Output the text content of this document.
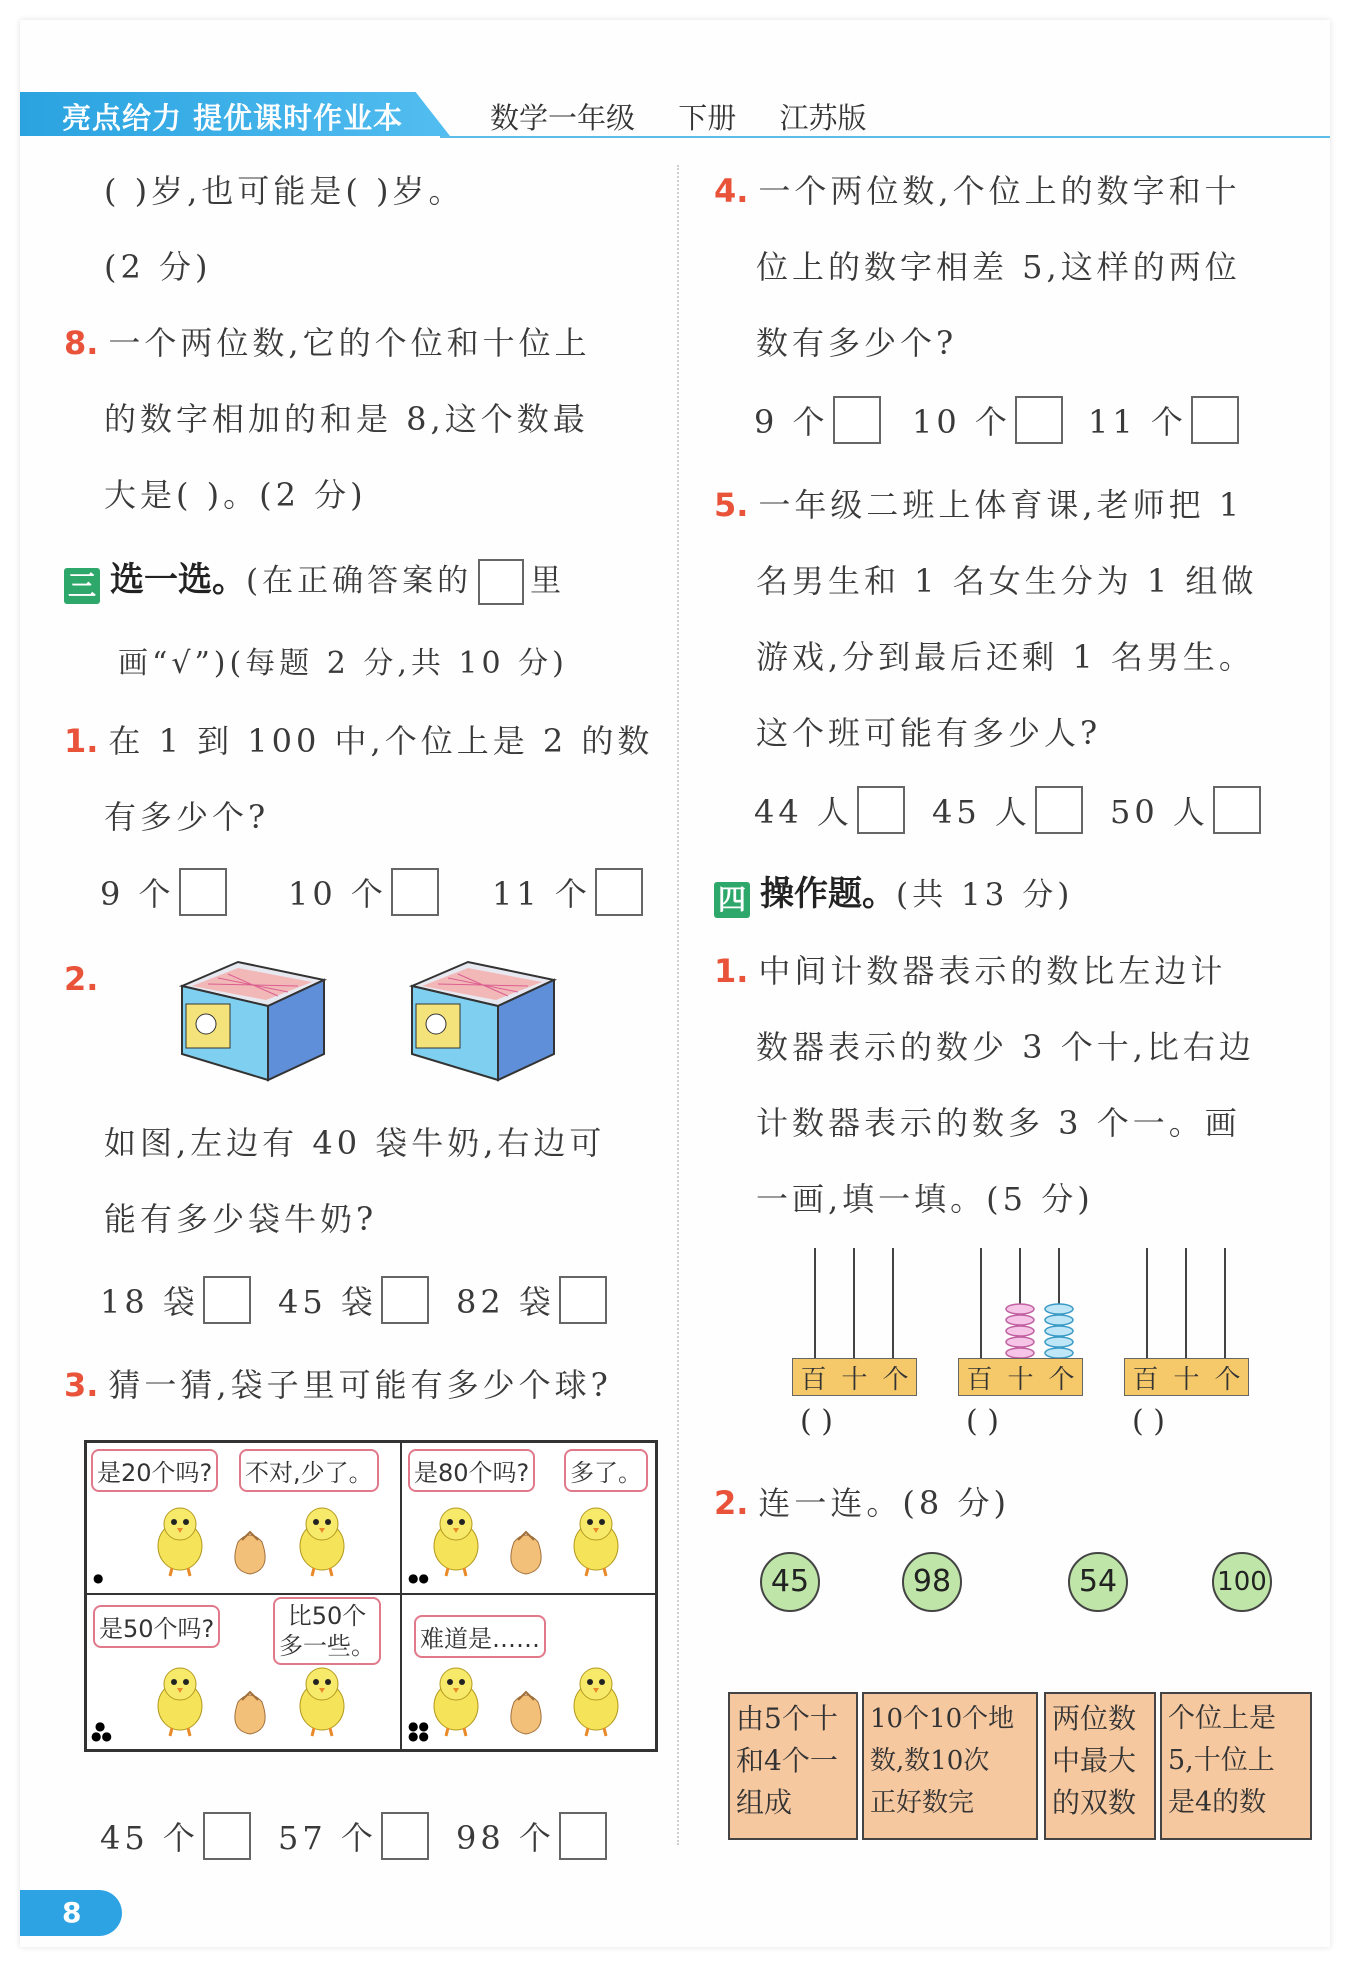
亮点给力 提优课时作业本	数学一年级 下册 江苏版
( )岁,也可能是( )岁。
(2 分)
8. 一个两位数,它的个位和十位上
的数字相加的和是 8,这个数最
大是( )。(2 分)
三 选一选。(在正确答案的 里
画“√”)(每题 2 分,共 10 分)
1. 在 1 到 100 中,个位上是 2 的数
有多少个?
9 个	10 个	11 个
2.
如图,左边有 40 袋牛奶,右边可
能有多少袋牛奶?
18 袋 45 袋 82 袋
3. 猜一猜,袋子里可能有多少个球?
是20个吗? 不对,少了。
●
是80个吗? 多了。
●●
是50个吗?	比50个
多一些。
●
●●
难道是……
●●
●●
45 个 57 个 98 个
4. 一个两位数,个位上的数字和十
位上的数字相差 5,这样的两位
数有多少个?
9 个	10 个 11 个
5. 一年级二班上体育课,老师把 1
名男生和 1 名女生分为 1 组做
游戏,分到最后还剩 1 名男生。
这个班可能有多少人?
44 人 45 人 50 人
四 操作题。(共 13 分)
1. 中间计数器表示的数比左边计
数器表示的数少 3 个十,比右边
计数器表示的数多 3 个一。画
一画,填一填。(5 分)
百 十 个 百 十 个 百 十 个
( )	( )	( )
2. 连一连。(8 分)
45	98	54	100
由5个十
和4个一
组成
10个10个地
数,数10次
正好数完
两位数
中最大
的双数
个位上是
5,十位上
是4的数
8
